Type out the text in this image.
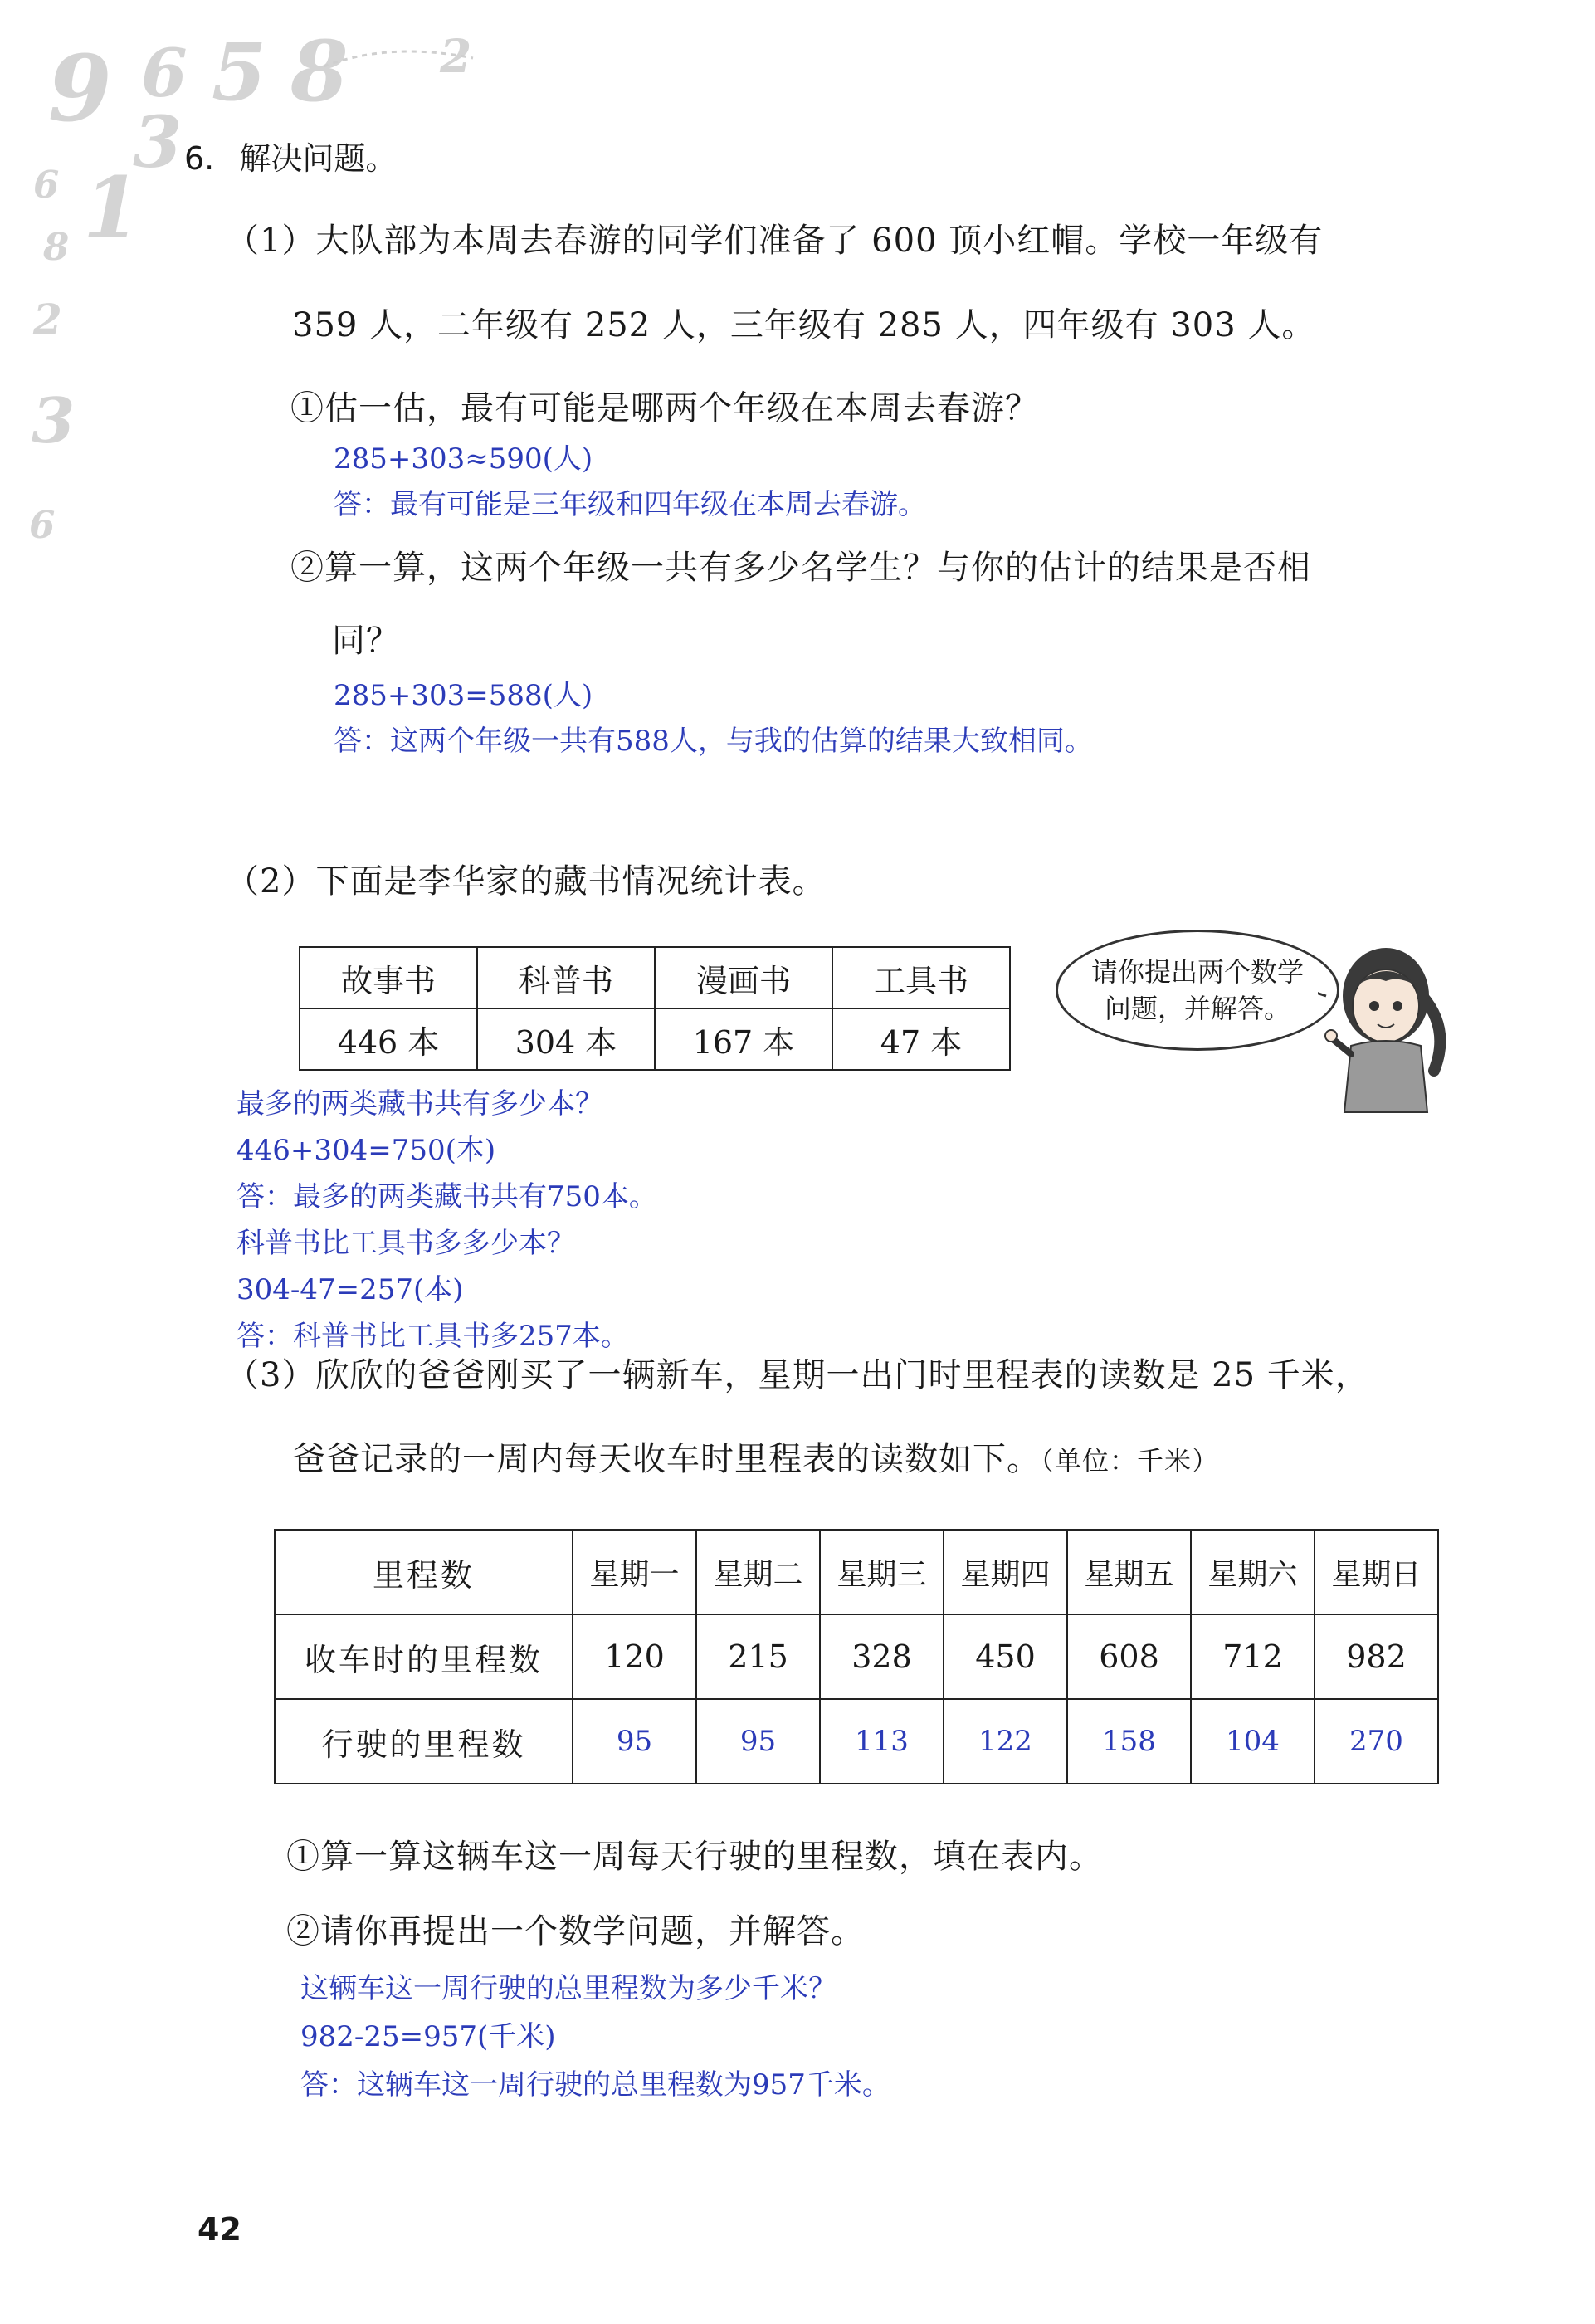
9 6 5 8 2
3
1
6
8
2
3
6
6. 解决问题。
（1）大队部为本周去春游的同学们准备了 600 顶小红帽。学校一年级有
359 人，二年级有 252 人，三年级有 285 人，四年级有 303 人。
①估一估，最有可能是哪两个年级在本周去春游？
285+303≈590(人)
答：最有可能是三年级和四年级在本周去春游。
②算一算，这两个年级一共有多少名学生？与你的估计的结果是否相
同？
285+303=588(人)
答：这两个年级一共有588人，与我的估算的结果大致相同。
（2）下面是李华家的藏书情况统计表。
故事书	科普书	漫画书	工具书
446 本	304 本	167 本	47 本
请你提出两个数学
问题，并解答。
最多的两类藏书共有多少本？
446+304=750(本)
答：最多的两类藏书共有750本。
科普书比工具书多多少本？
304-47=257(本)
答：科普书比工具书多257本。
（3）欣欣的爸爸刚买了一辆新车，星期一出门时里程表的读数是 25 千米，
爸爸记录的一周内每天收车时里程表的读数如下。（单位：千米）
里程数	星期一	星期二	星期三	星期四	星期五	星期六	星期日
收车时的里程数	120	215	328	450	608	712	982
行驶的里程数	95	95	113	122	158	104	270
①算一算这辆车这一周每天行驶的里程数，填在表内。
②请你再提出一个数学问题，并解答。
这辆车这一周行驶的总里程数为多少千米？
982-25=957(千米)
答：这辆车这一周行驶的总里程数为957千米。
42
